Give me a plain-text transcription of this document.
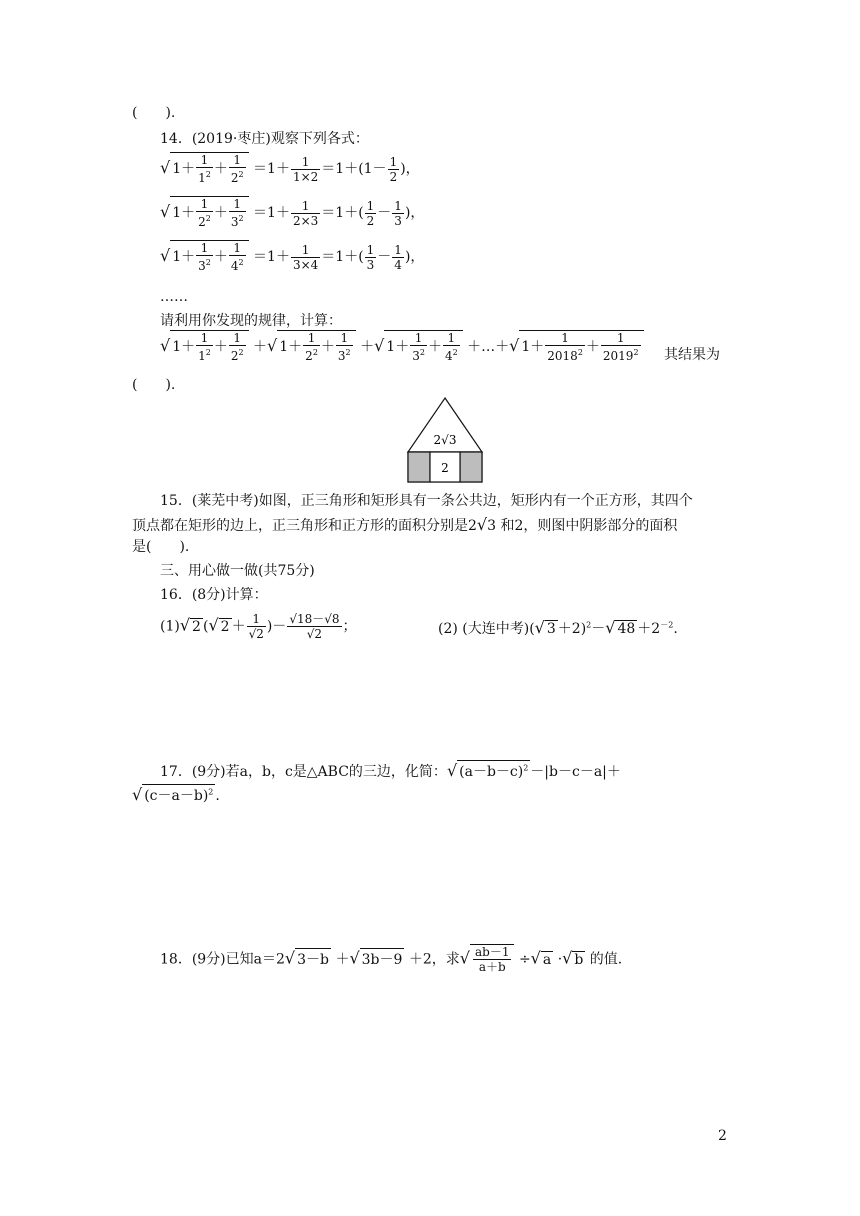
(　　).
14．(2019·枣庄)观察下列各式：
√ $1+ \frac{1}{1^2} + \frac{1}{2^2} =1+ \frac{1}{1\times 2} =1+(1- \frac{1}{2}$ )，
√ $1+ \frac{1}{2^2} + \frac{1}{3^2} =1+ \frac{1}{2\times 3} =1+( \frac{1}{2} - \frac{1}{3}$ )，
√ $1+ \frac{1}{3^2} + \frac{1}{4^2} =1+ \frac{1}{3\times 4} =1+( \frac{1}{3} - \frac{1}{4}$ )，
……
请利用你发现的规律，计算：
√ $1+ \frac{1}{1^2} + \frac{1}{2^2}$ ＋√ $1+ \frac{1}{2^2} + \frac{1}{3^2}$ ＋√ $1+ \frac{1}{3^2} + \frac{1}{4^2}$ ＋…＋√ $1+ \frac{1}{2018^2} + \frac{1}{2019^2}$ 其结果为
(　　).
2√3
2
15．(莱芜中考)如图，正三角形和矩形具有一条公共边，矩形内有一个正方形，其四个
顶点都在矩形的边上，正三角形和正方形的面积分别是2√3 和2，则图中阴影部分的面积
是(　　).
三、用心做一做(共75分)
16．(8分)计算：
(1)√ 2 (√ $2 + \frac{1}{√2}$ )－ $\frac{√18-√8}{√2}$ ；	(2) (大连中考)(√ 3 ＋2)$^2$－√ $48 +2^{-2}$.
17．(9分)若a，b，c是△ABC的三边，化简：√ $(a-b-c)^2 -|b-c-a|+$
√ $(c-a-b)^2$ .
18．(9分)已知a＝2√ 3－b ＋√ 3b－9 ＋2，求√ $\frac{ab-1}{a+b}$ ÷√ a ·√ b 的值.
2
